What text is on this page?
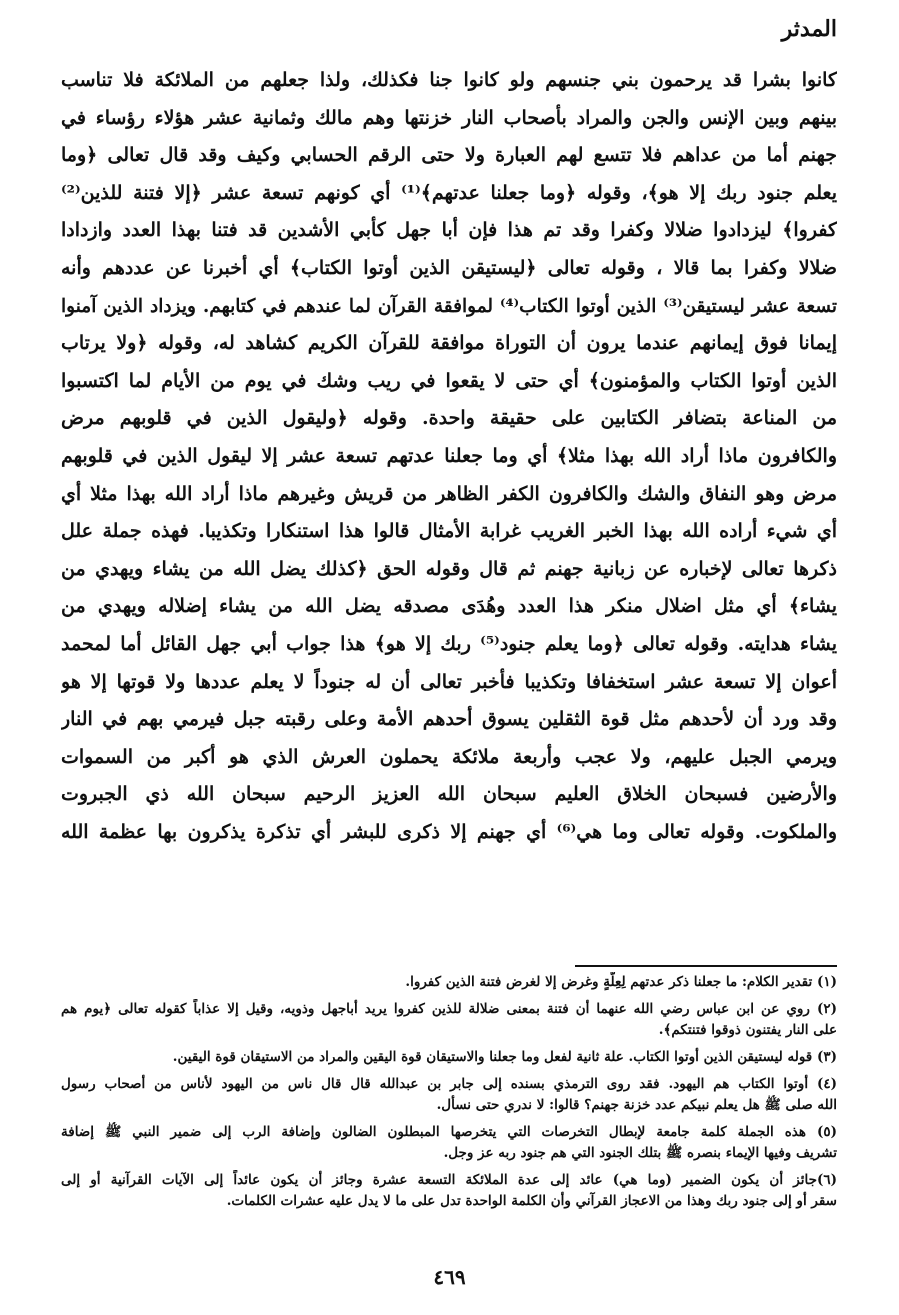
المدثر
كانوا بشرا قد يرحمون بني جنسهم ولو كانوا جنا فكذلك، ولذا جعلهم من الملائكة فلا تناسب
بينهم وبين الإنس والجن والمراد بأصحاب النار خزنتها وهم مالك وثمانية عشر هؤلاء رؤساء في
جهنم أما من عداهم فلا تتسع لهم العبارة ولا حتى الرقم الحسابي وكيف وقد قال تعالى ﴿وما
يعلم جنود ربك إلا هو﴾، وقوله ﴿وما جعلنا عدتهم﴾⁽¹⁾ أي كونهم تسعة عشر ﴿إلا فتنة للذين⁽²⁾
كفروا﴾ ليزدادوا ضلالا وكفرا وقد تم هذا فإن أبا جهل كأبي الأشدين قد فتنا بهذا العدد وازدادا
ضلالا وكفرا بما قالا ، وقوله تعالى ﴿ليستيقن الذين أوتوا الكتاب﴾ أي أخبرنا عن عددهم وأنه
تسعة عشر ليستيقن⁽³⁾ الذين أوتوا الكتاب⁽⁴⁾ لموافقة القرآن لما عندهم في كتابهم. ويزداد الذين آمنوا
إيمانا فوق إيمانهم عندما يرون أن التوراة موافقة للقرآن الكريم كشاهد له، وقوله ﴿ولا يرتاب
الذين أوتوا الكتاب والمؤمنون﴾ أي حتى لا يقعوا في ريب وشك في يوم من الأيام لما اكتسبوا
من المناعة بتضافر الكتابين على حقيقة واحدة. وقوله ﴿وليقول الذين في قلوبهم مرض
والكافرون ماذا أراد الله بهذا مثلا﴾ أي وما جعلنا عدتهم تسعة عشر إلا ليقول الذين في قلوبهم
مرض وهو النفاق والشك والكافرون الكفر الظاهر من قريش وغيرهم ماذا أراد الله بهذا مثلا أي
أي شيء أراده الله بهذا الخبر الغريب غرابة الأمثال قالوا هذا استنكارا وتكذيبا. فهذه جملة علل
ذكرها تعالى لإخباره عن زبانية جهنم ثم قال وقوله الحق ﴿كذلك يضل الله من يشاء ويهدي من
يشاء﴾ أي مثل اضلال منكر هذا العدد وهُدَى مصدقه يضل الله من يشاء إضلاله ويهدي من
يشاء هدايته. وقوله تعالى ﴿وما يعلم جنود⁽⁵⁾ ربك إلا هو﴾ هذا جواب أبي جهل القائل أما لمحمد
أعوان إلا تسعة عشر استخفافا وتكذيبا فأخبر تعالى أن له جنوداً لا يعلم عددها ولا قوتها إلا هو
وقد ورد أن لأحدهم مثل قوة الثقلين يسوق أحدهم الأمة وعلى رقبته جبل فيرمي بهم في النار
ويرمي الجبل عليهم، ولا عجب وأربعة ملائكة يحملون العرش الذي هو أكبر من السموات
والأرضين فسبحان الخلاق العليم سبحان الله العزيز الرحيم سبحان الله ذي الجبروت
والملكوت. وقوله تعالى وما هي⁽⁶⁾ أي جهنم إلا ذكرى للبشر أي تذكرة يذكرون بها عظمة الله
(١) تقدير الكلام: ما جعلنا ذكر عدتهم لِعِلَّةٍ وغرض إلا لغرض فتنة الذين كفروا.
(٢) روي عن ابن عباس رضي الله عنهما أن فتنة بمعنى ضلالة للذين كفروا يريد أباجهل وذويه، وقيل إلا عذاباً كقوله تعالى ﴿يوم هم
على النار يفتنون ذوقوا فتنتكم﴾.
(٣) قوله ليستيقن الذين أوتوا الكتاب. علة ثانية لفعل وما جعلنا والاستيقان قوة اليقين والمراد من الاستيقان قوة اليقين.
(٤) أوتوا الكتاب هم اليهود. فقد روى الترمذي بسنده إلى جابر بن عبدالله قال قال ناس من اليهود لأناس من أصحاب رسول
الله صلى ﷺ هل يعلم نبيكم عدد خزنة جهنم؟ قالوا: لا ندري حتى نسأل.
(٥) هذه الجملة كلمة جامعة لإبطال التخرصات التي يتخرصها المبطلون الضالون وإضافة الرب إلى ضمير النبي ﷺ إضافة
تشريف وفيها الإيماء بنصره ﷺ بتلك الجنود التي هم جنود ربه عز وجل.
(٦)جائز أن يكون الضمير (وما هي) عائد إلى عدة الملائكة التسعة عشرة وجائز أن يكون عائداً إلى الآيات القرآنية أو إلى
سقر أو إلى جنود ربك وهذا من الاعجاز القرآني وأن الكلمة الواحدة تدل على ما لا يدل عليه عشرات الكلمات.
٤٦٩
